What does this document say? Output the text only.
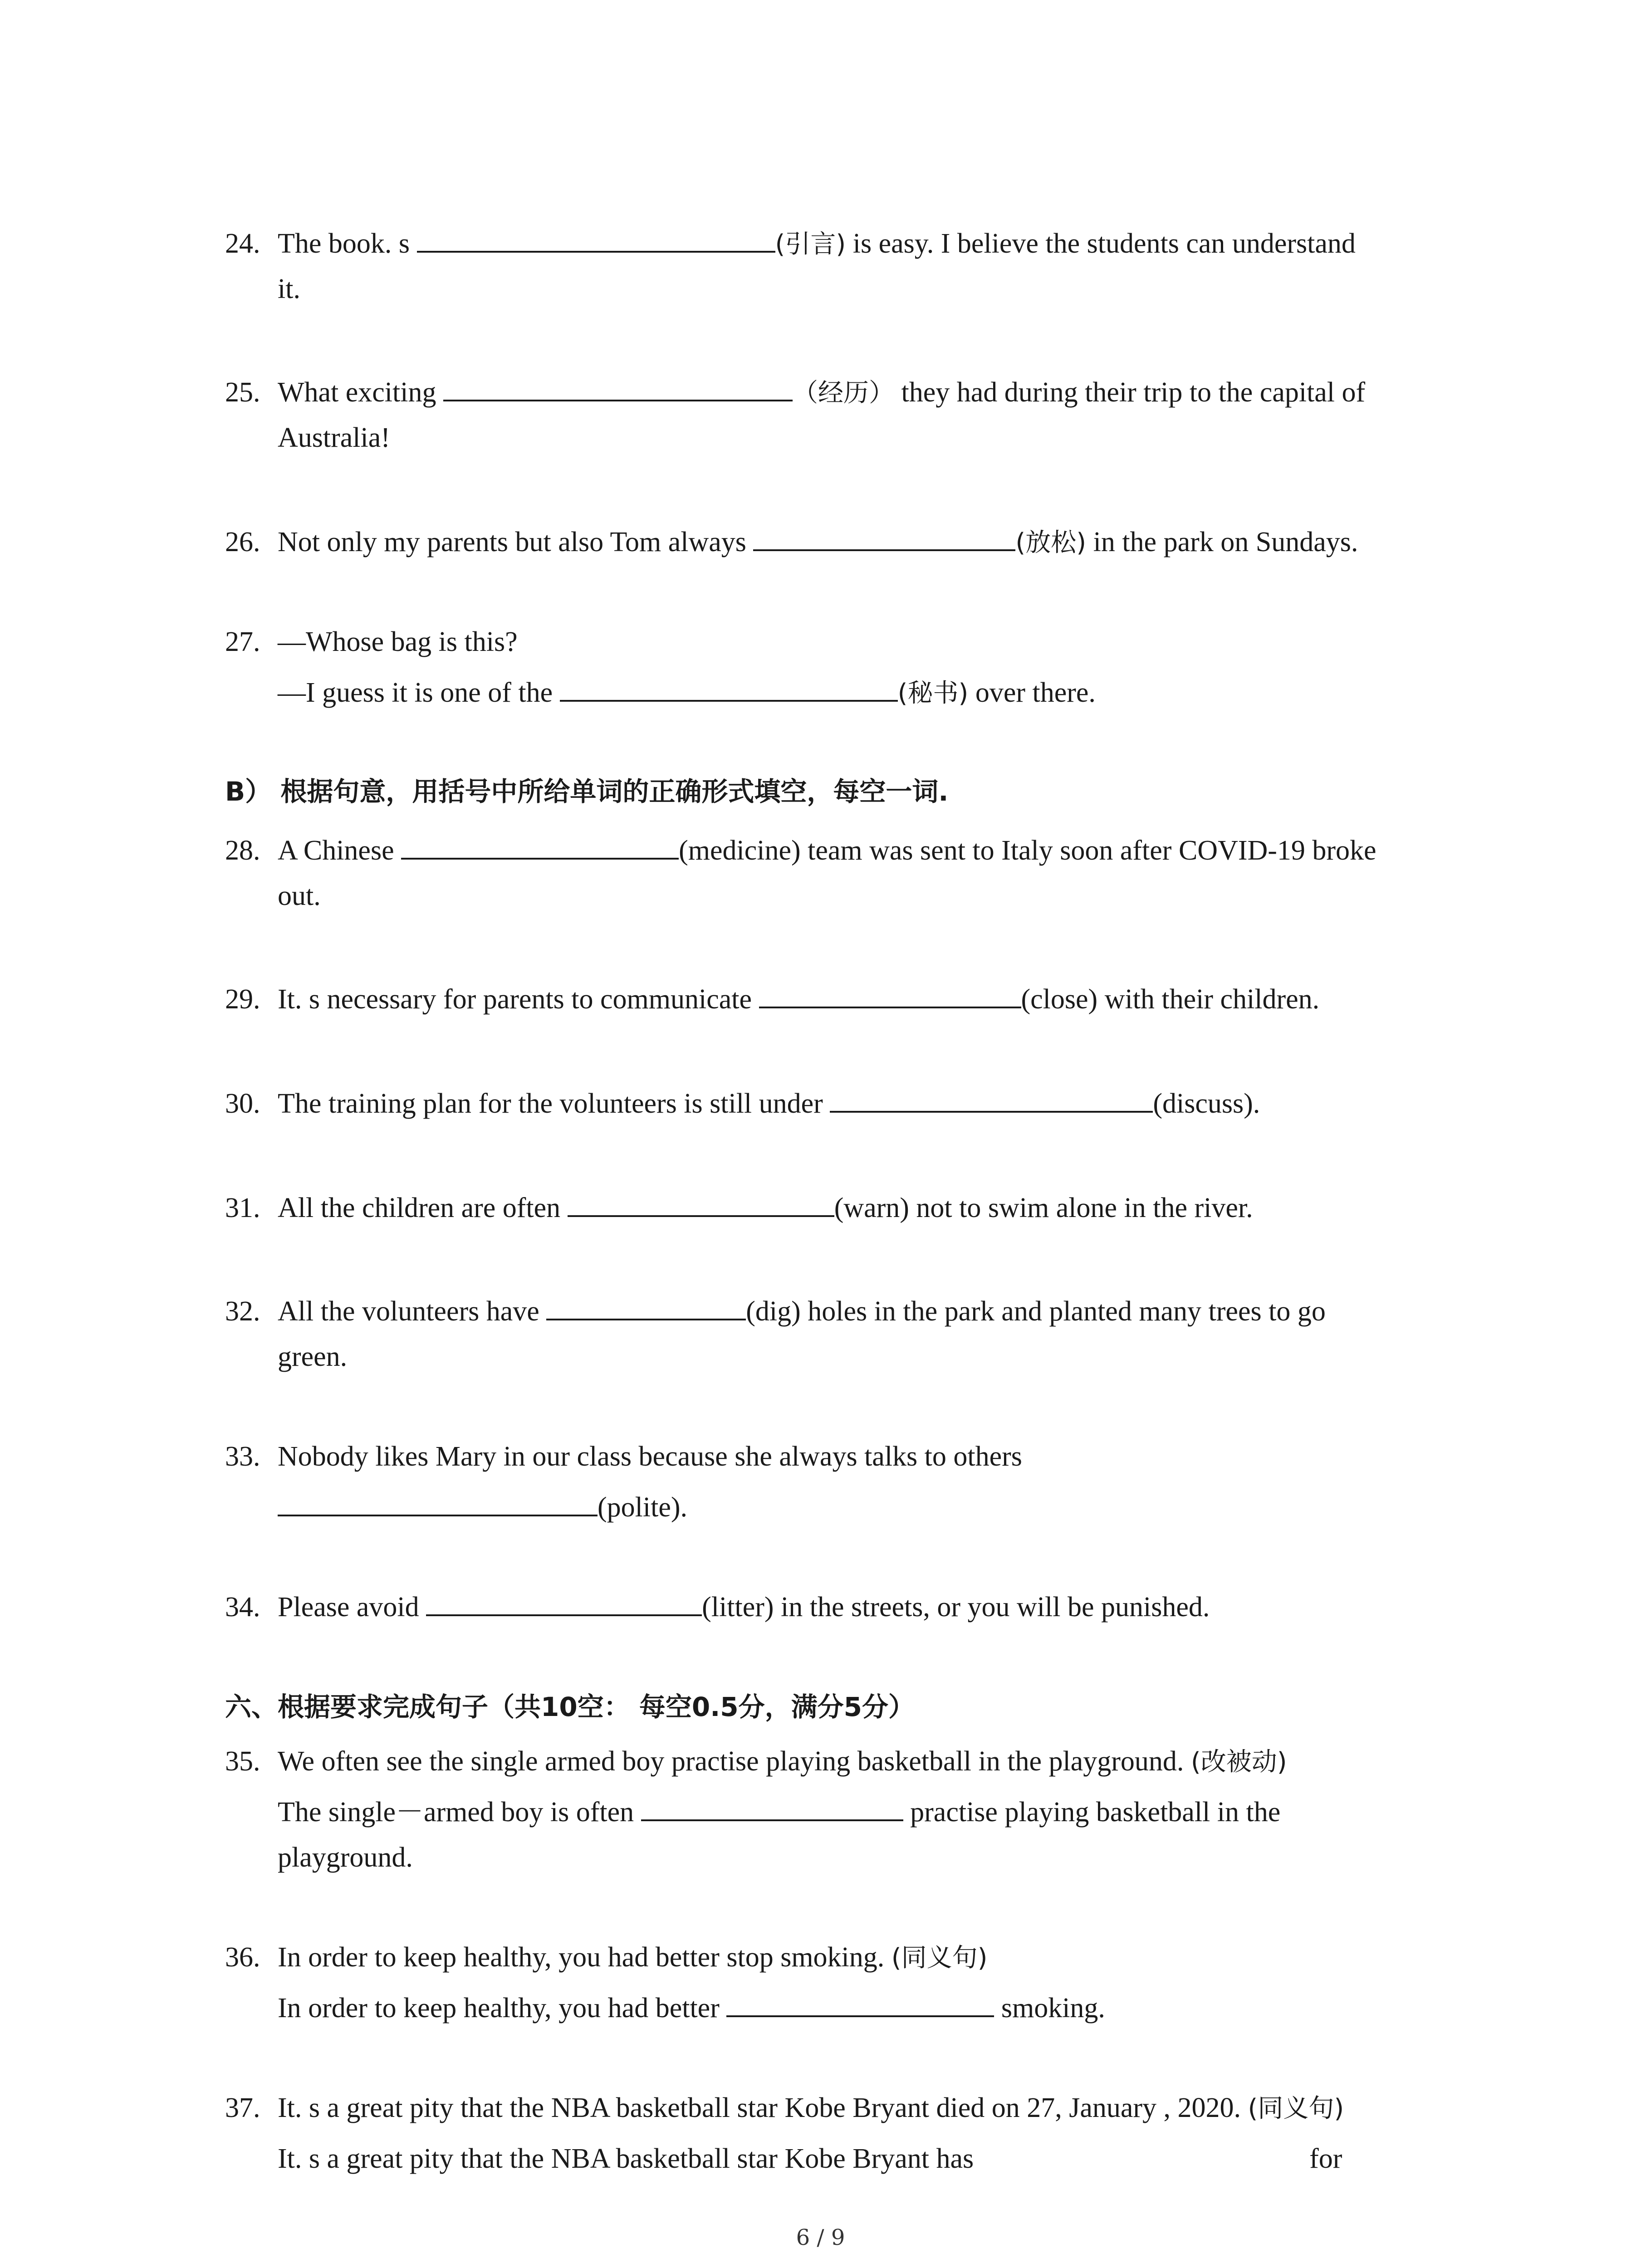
24. The book. s	(引言) is easy. I believe the students can understand
it.
25. What exciting	（经历） they had during their trip to the capital of
Australia!
26. Not only my parents but also Tom always	(放松) in the park on Sundays.
27. —Whose bag is this?
—I guess it is one of the	(秘书) over there.
B） 根据句意，用括号中所给单词的正确形式填空，每空一词.
28. A Chinese	(medicine) team was sent to Italy soon after COVID-19 broke
out.
29. It. s necessary for parents to communicate	(close) with their children.
30. The training plan for the volunteers is still under	(discuss).
31. All the children are often	(warn) not to swim alone in the river.
32. All the volunteers have	(dig) holes in the park and planted many trees to go
green.
33. Nobody likes Mary in our class because she always talks to others
(polite).
34. Please avoid	(litter) in the streets, or you will be punished.
六、根据要求完成句子（共10空： 每空0.5分，满分5分）
35. We often see the single armed boy practise playing basketball in the playground. (改被动)
The single－armed boy is often	practise playing basketball in the
playground.
36. In order to keep healthy, you had better stop smoking. (同义句)
In order to keep healthy, you had better	smoking.
37. It. s a great pity that the NBA basketball star Kobe Bryant died on 27, January , 2020. (同义句)
It. s a great pity that the NBA basketball star Kobe Bryant has	for
6 / 9
